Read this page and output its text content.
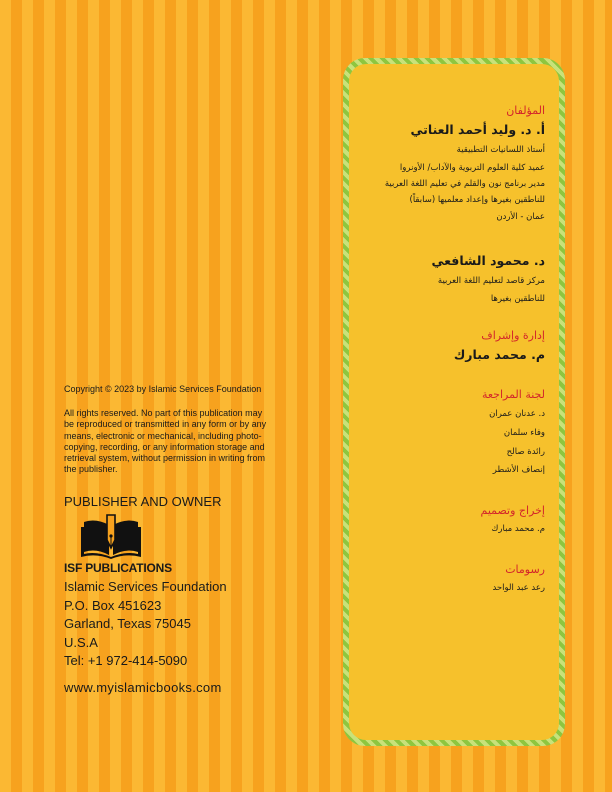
Copyright © 2023 by Islamic Services Foundation
All rights reserved. No part of this publication may
be reproduced or transmitted in any form or by any
means, electronic or mechanical, including photo-
copying, recording, or any information storage and
retrieval system, without permission in writing from
the publisher.
PUBLISHER AND OWNER
ISF PUBLICATIONS
Islamic Services Foundation
P.O. Box 451623
Garland, Texas 75045
U.S.A
Tel: +1 972-414-5090
www.myislamicbooks.com
المؤلفان
أ. د. وليد أحمد العناتي
أستاذ اللسانيات التطبيقية
عميد كلية العلوم التربوية والآداب/ الأونروا
مدير برنامج نون والقلم في تعليم اللغة العربية
للناطقين بغيرها وإعداد معلميها (سابقاً)
عمان - الأردن
د. محمود الشافعي
مركز قاصد لتعليم اللغة العربية
للناطقين بغيرها
إدارة وإشراف
م. محمد مبارك
لجنة المراجعة
د. عدنان عمران
وفاء سلمان
رائدة صالح
إنصاف الأشطر
إخراج وتصميم
م. محمد مبارك
رسومات
رعد عبد الواحد
